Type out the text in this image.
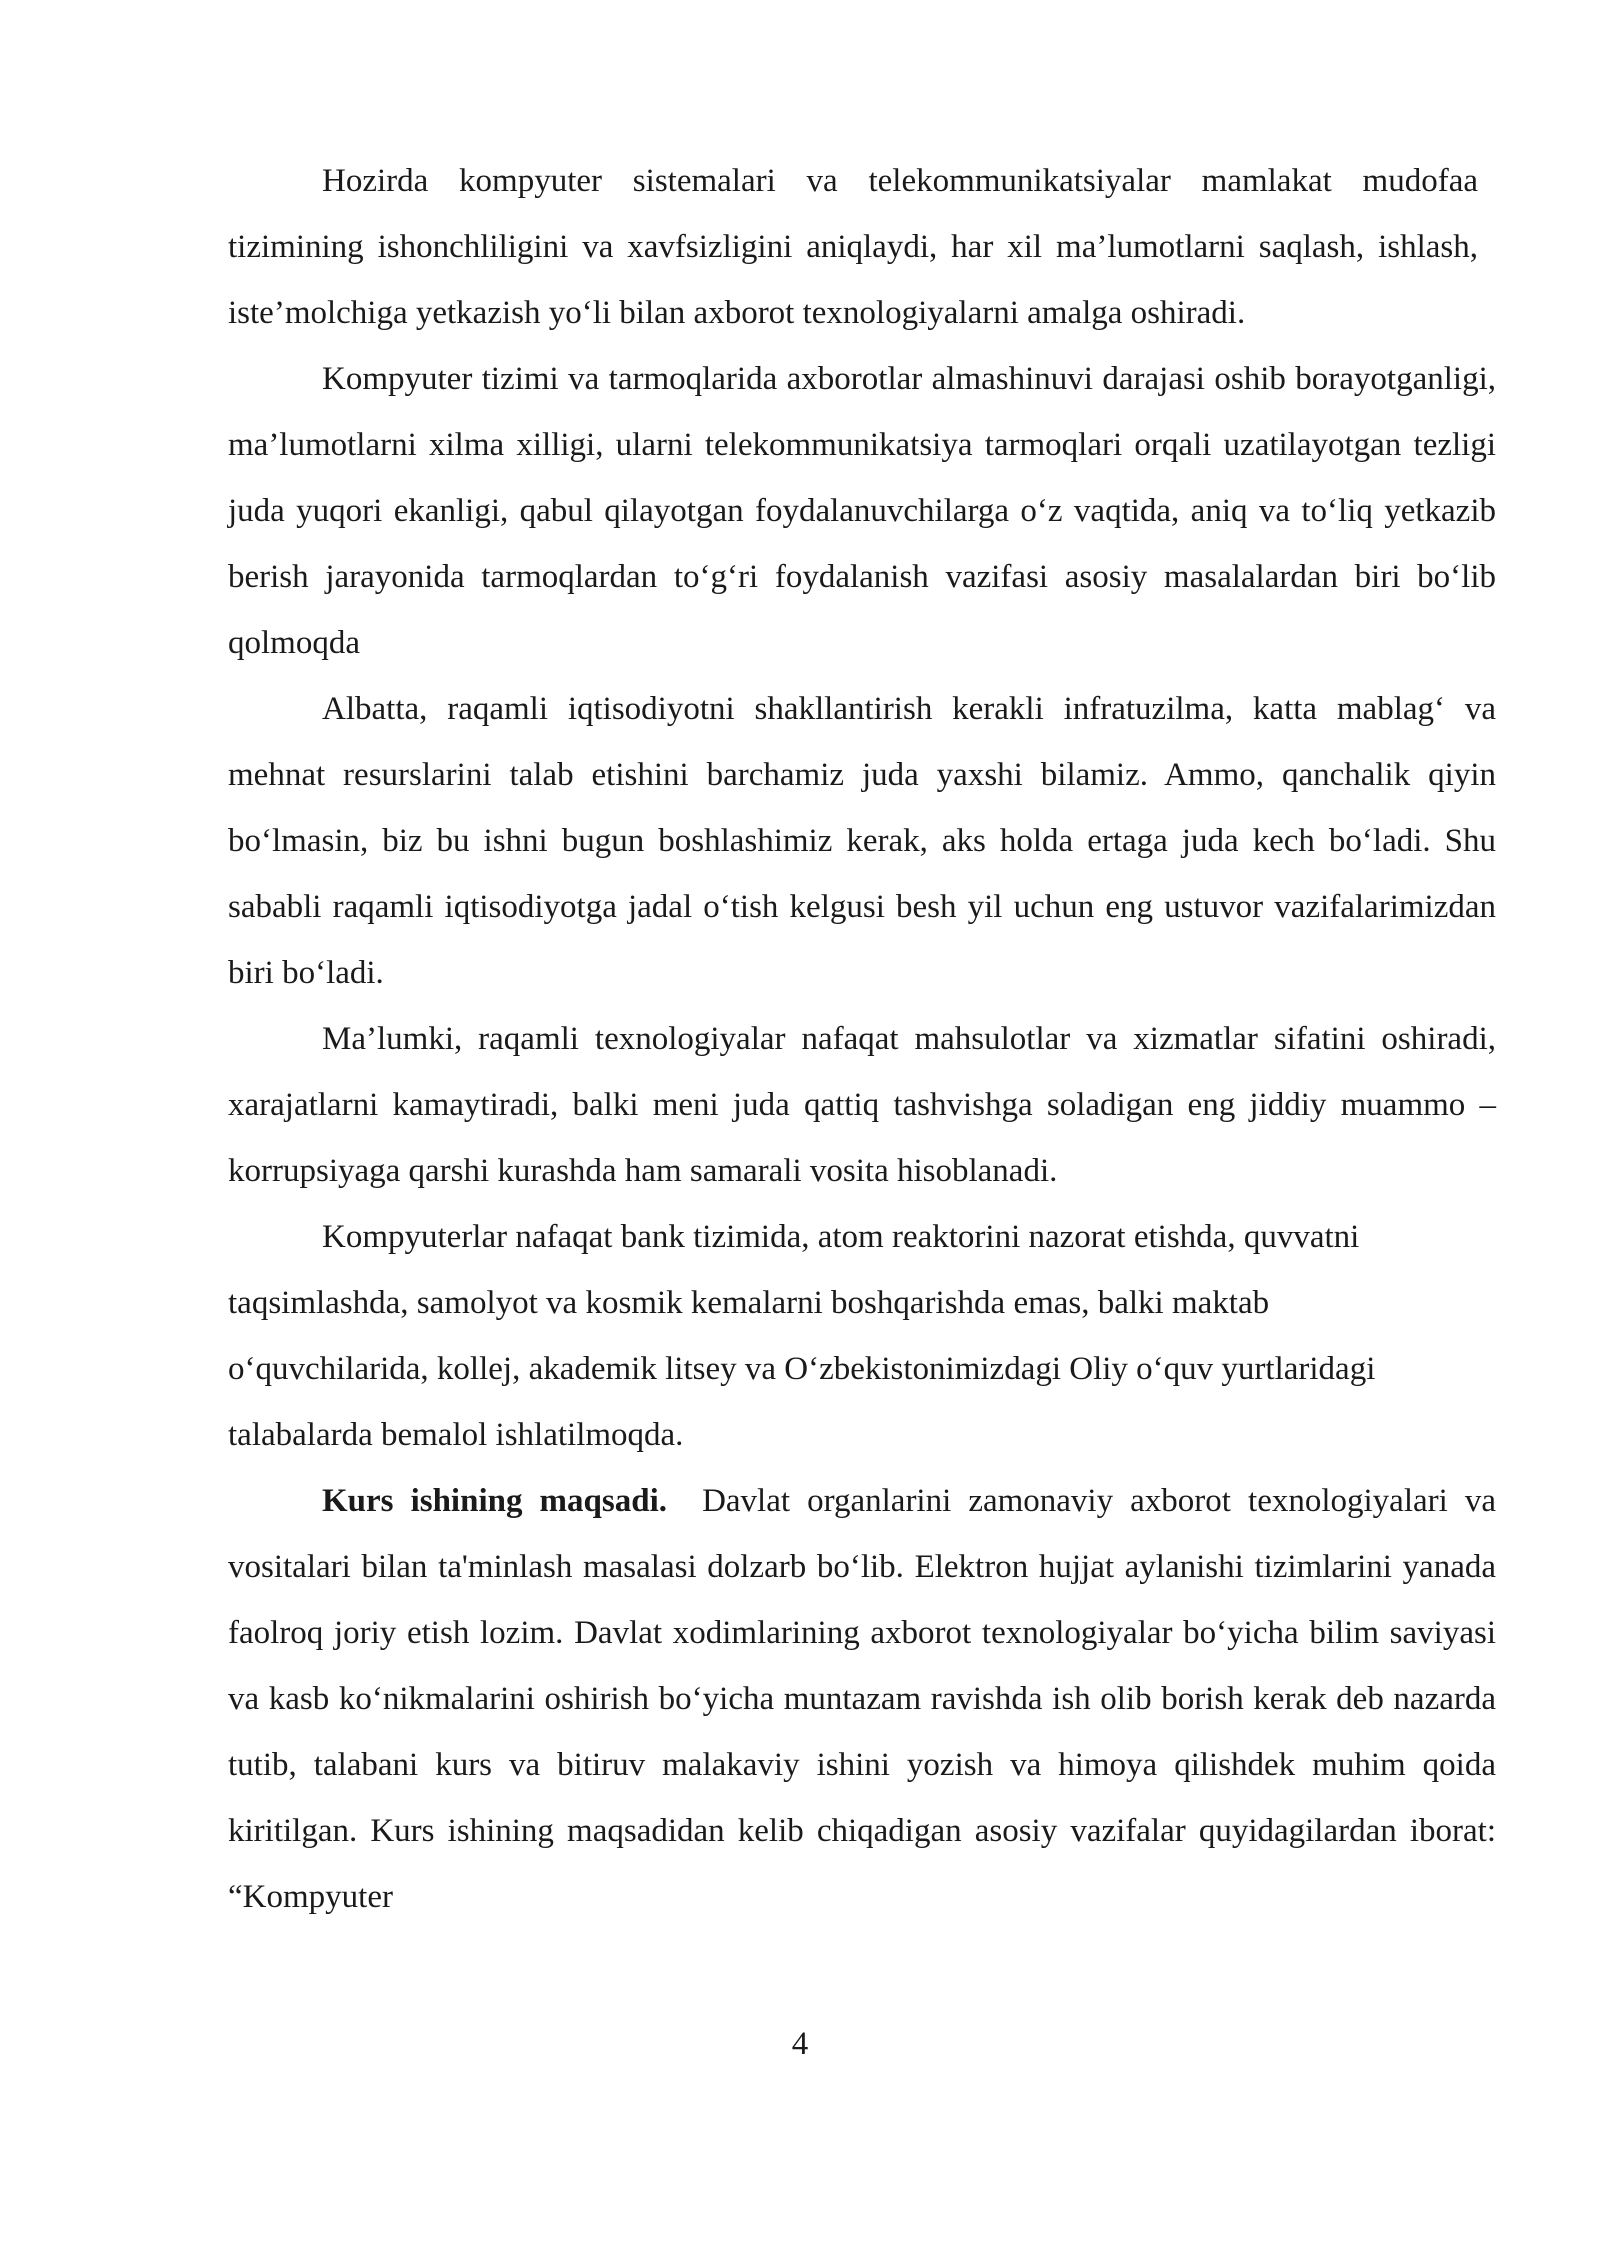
Hozirda kompyuter sistemalari va telekommunikatsiyalar mamlakat mudofaa tizimining ishonchliligini va xavfsizligini aniqlaydi, har xil ma’lumotlarni saqlash, ishlash, iste’molchiga yetkazish yo‘li bilan axborot texnologiyalarni amalga oshiradi.

Kompyuter tizimi va tarmoqlarida axborotlar almashinuvi darajasi oshib borayotganligi, ma’lumotlarni xilma xilligi, ularni telekommunikatsiya tarmoqlari orqali uzatilayotgan tezligi juda yuqori ekanligi, qabul qilayotgan foydalanuvchilarga o‘z vaqtida, aniq va to‘liq yetkazib berish jarayonida tarmoqlardan to‘g‘ri foydalanish vazifasi asosiy masalalardan biri bo‘lib qolmoqda

Albatta, raqamli iqtisodiyotni shakllantirish kerakli infratuzilma, katta mablag‘ va mehnat resurslarini talab etishini barchamiz juda yaxshi bilamiz. Ammo, qanchalik qiyin bo‘lmasin, biz bu ishni bugun boshlashimiz kerak, aks holda ertaga juda kech bo‘ladi. Shu sababli raqamli iqtisodiyotga jadal o‘tish kelgusi besh yil uchun eng ustuvor vazifalarimizdan biri bo‘ladi.

Ma’lumki, raqamli texnologiyalar nafaqat mahsulotlar va xizmatlar sifatini oshiradi, xarajatlarni kamaytiradi, balki meni juda qattiq tashvishga soladigan eng jiddiy muammo – korrupsiyaga qarshi kurashda ham samarali vosita hisoblanadi.

Kompyuterlar nafaqat bank tizimida, atom reaktorini nazorat etishda, quvvatni taqsimlashda, samolyot va kosmik kemalarni boshqarishda emas, balki maktab o‘quvchilarida, kollej, akademik litsey va O‘zbekistonimizdagi Oliy o‘quv yurtlaridagi talabalarda bemalol ishlatilmoqda.

Kurs ishining maqsadi. Davlat organlarini zamonaviy axborot texnologiyalari va vositalari bilan ta'minlash masalasi dolzarb bo‘lib. Elektron hujjat aylanishi tizimlarini yanada faolroq joriy etish lozim. Davlat xodimlarining axborot texnologiyalar bo‘yicha bilim saviyasi va kasb ko‘nikmalarini oshirish bo‘yicha muntazam ravishda ish olib borish kerak deb nazarda tutib, talabani kurs va bitiruv malakaviy ishini yozish va himoya qilishdek muhim qoida kiritilgan. Kurs ishining maqsadidan kelib chiqadigan asosiy vazifalar quyidagilardan iborat: “Kompyuter

4
